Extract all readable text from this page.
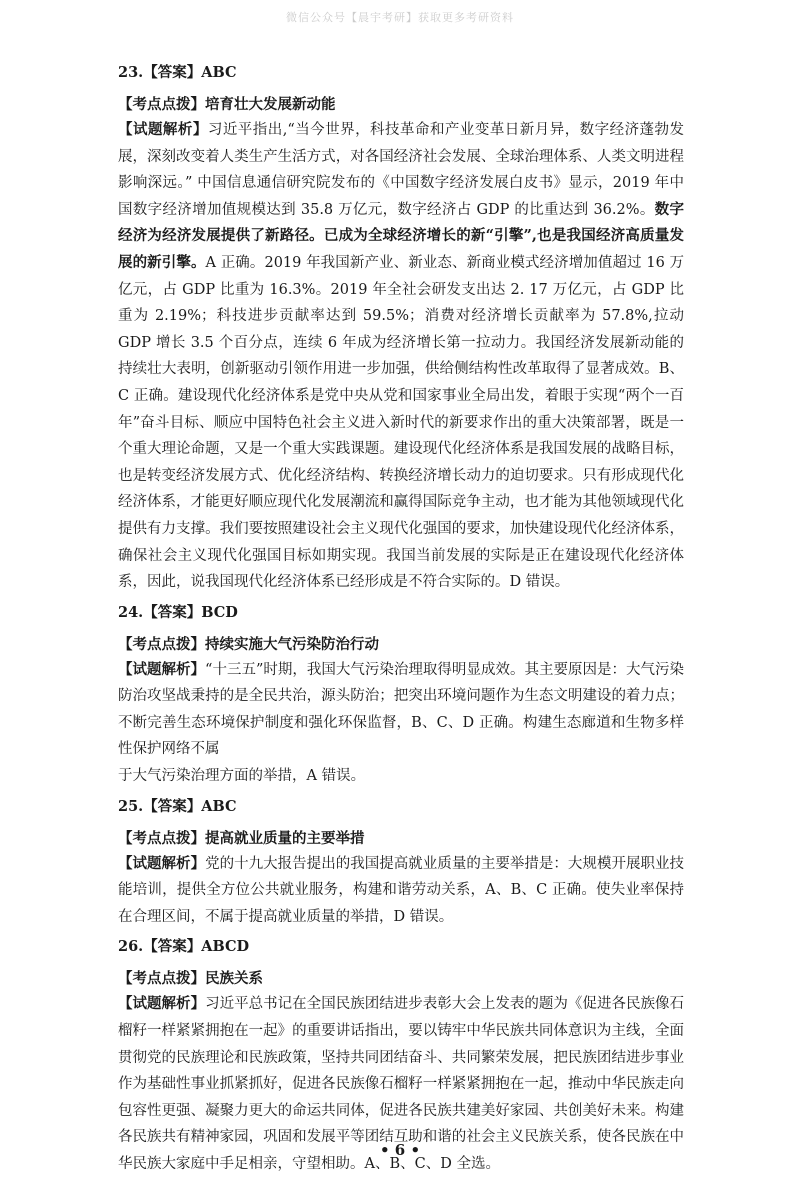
微信公众号【晨宇考研】获取更多考研资料

23.【答案】ABC

【考点点拨】培育壮大发展新动能

【试题解析】习近平指出,“当今世界，科技革命和产业变革日新月异，数字经济蓬勃发展，深刻改变着人类生产生活方式，对各国经济社会发展、全球治理体系、人类文明进程影响深远。” 中国信息通信研究院发布的《中国数字经济发展白皮书》显示，2019 年中国数字经济增加值规模达到 35.8 万亿元，数字经济占 GDP 的比重达到 36.2%。数字经济为经济发展提供了新路径。已成为全球经济增长的新“引擎”,也是我国经济高质量发展的新引擎。A 正确。2019 年我国新产业、新业态、新商业模式经济增加值超过 16 万亿元，占 GDP 比重为 16.3%。2019 年全社会研发支出达 2. 17 万亿元，占 GDP 比重为 2.19%；科技进步贡献率达到 59.5%；消费对经济增长贡献率为 57.8%,拉动 GDP 增长 3.5 个百分点，连续 6 年成为经济增长第一拉动力。我国经济发展新动能的持续壮大表明，创新驱动引领作用进一步加强，供给侧结构性改革取得了显著成效。B、C 正确。建设现代化经济体系是党中央从党和国家事业全局出发，着眼于实现“两个一百年”奋斗目标、顺应中国特色社会主义进入新时代的新要求作出的重大决策部署，既是一个重大理论命题，又是一个重大实践课题。建设现代化经济体系是我国发展的战略目标，也是转变经济发展方式、优化经济结构、转换经济增长动力的迫切要求。只有形成现代化经济体系，才能更好顺应现代化发展潮流和赢得国际竞争主动，也才能为其他领域现代化提供有力支撑。我们要按照建设社会主义现代化强国的要求，加快建设现代化经济体系，确保社会主义现代化强国目标如期实现。我国当前发展的实际是正在建设现代化经济体系，因此，说我国现代化经济体系已经形成是不符合实际的。D 错误。

24.【答案】BCD

【考点点拨】持续实施大气污染防治行动

【试题解析】“十三五”时期，我国大气污染治理取得明显成效。其主要原因是：大气污染防治攻坚战秉持的是全民共治，源头防治；把突出环境问题作为生态文明建设的着力点；不断完善生态环境保护制度和强化环保监督，B、C、D 正确。构建生态廊道和生物多样性保护网络不属

于大气污染治理方面的举措，A 错误。

25.【答案】ABC

【考点点拨】提高就业质量的主要举措

【试题解析】党的十九大报告提出的我国提高就业质量的主要举措是：大规模开展职业技能培训，提供全方位公共就业服务，构建和谐劳动关系，A、B、C 正确。使失业率保持在合理区间，不属于提高就业质量的举措，D 错误。

26.【答案】ABCD

【考点点拨】民族关系

【试题解析】习近平总书记在全国民族团结进步表彰大会上发表的题为《促进各民族像石榴籽一样紧紧拥抱在一起》的重要讲话指出，要以铸牢中华民族共同体意识为主线，全面贯彻党的民族理论和民族政策，坚持共同团结奋斗、共同繁荣发展，把民族团结进步事业作为基础性事业抓紧抓好，促进各民族像石榴籽一样紧紧拥抱在一起，推动中华民族走向包容性更强、凝聚力更大的命运共同体，促进各民族共建美好家园、共创美好未来。构建各民族共有精神家园，巩固和发展平等团结互助和谐的社会主义民族关系，使各民族在中华民族大家庭中手足相亲，守望相助。A、B、C、D 全选。

• 6 •
